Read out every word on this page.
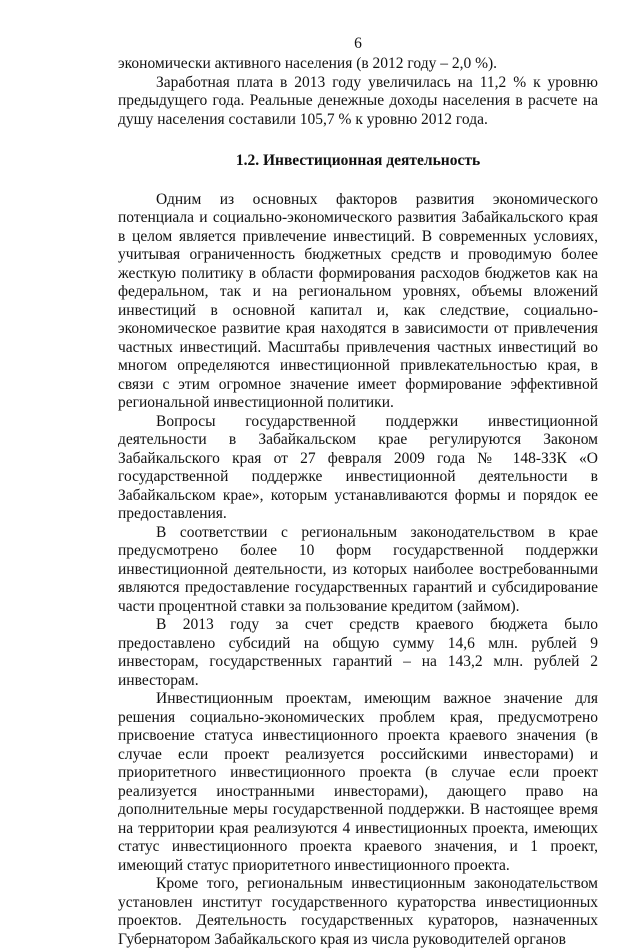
6

экономически активного населения (в 2012 году – 2,0 %).

Заработная плата в 2013 году увеличилась на 11,2 % к уровню предыдущего года. Реальные денежные доходы населения в расчете на душу населения составили 105,7 % к уровню 2012 года.

1.2. Инвестиционная деятельность

Одним из основных факторов развития экономического потенциала и социально-экономического развития Забайкальского края в целом является привлечение инвестиций. В современных условиях, учитывая ограниченность бюджетных средств и проводимую более жесткую политику в области формирования расходов бюджетов как на федеральном, так и на региональном уровнях, объемы вложений инвестиций в основной капитал и, как следствие, социально-экономическое развитие края находятся в зависимости от привлечения частных инвестиций. Масштабы привлечения частных инвестиций во многом определяются инвестиционной привлекательностью края, в связи с этим огромное значение имеет формирование эффективной региональной инвестиционной политики.

Вопросы государственной поддержки инвестиционной деятельности в Забайкальском крае регулируются Законом Забайкальского края от 27 февраля 2009 года № 148-ЗЗК «О государственной поддержке инвестиционной деятельности в Забайкальском крае», которым устанавливаются формы и порядок ее предоставления.

В соответствии с региональным законодательством в крае предусмотрено более 10 форм государственной поддержки инвестиционной деятельности, из которых наиболее востребованными являются предоставление государственных гарантий и субсидирование части процентной ставки за пользование кредитом (займом).

В 2013 году за счет средств краевого бюджета было предоставлено субсидий на общую сумму 14,6 млн. рублей 9 инвесторам, государственных гарантий – на 143,2 млн. рублей 2 инвесторам.

Инвестиционным проектам, имеющим важное значение для решения социально-экономических проблем края, предусмотрено присвоение статуса инвестиционного проекта краевого значения (в случае если проект реализуется российскими инвесторами) и приоритетного инвестиционного проекта (в случае если проект реализуется иностранными инвесторами), дающего право на дополнительные меры государственной поддержки. В настоящее время на территории края реализуются 4 инвестиционных проекта, имеющих статус инвестиционного проекта краевого значения, и 1 проект, имеющий статус приоритетного инвестиционного проекта.

Кроме того, региональным инвестиционным законодательством установлен институт государственного кураторства инвестиционных проектов. Деятельность государственных кураторов, назначенных Губернатором Забайкальского края из числа руководителей органов
